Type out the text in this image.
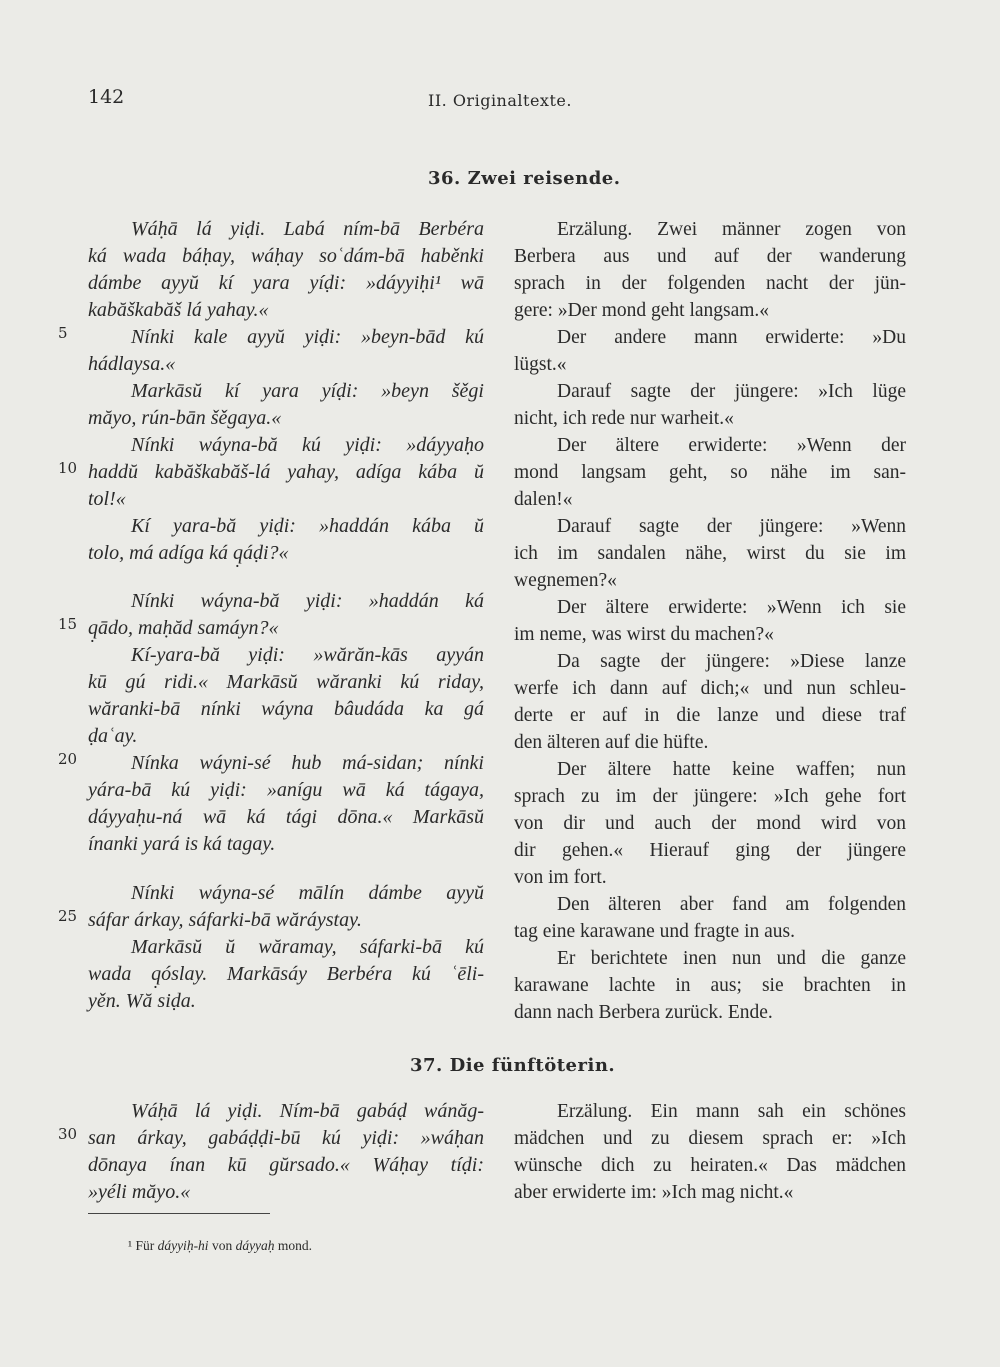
142	II. Originaltexte.
36. Zwei reisende.
Wáḥā lá yiḍi. Labá ním-bā Berbéra
ká wada báḥay, wáḥay soʿdám-bā haběnki
dámbe ayyŭ kí yara yíḍi: »dáyyiḥi¹ wā
kabăškabăš lá yahay.«
Nínki kale ayyŭ yiḍi: »beyn-bād kú
hádlaysa.«
Markāsŭ kí yara yíḍi: »beyn šěgi
măyo, rún-bān šěgaya.«
Nínki wáyna-bă kú yiḍi: »dáyyaḥo
haddŭ kabăškabăš-lá yahay, adíga kába ŭ
tol!«
Kí yara-bă yiḍi: »haddán kába ŭ
tolo, má adíga ká q̣áḍi?«
Nínki wáyna-bă yiḍi: »haddán ká
q̣ādo, maḥăd samáyn?«
Kí-yara-bă yiḍi: »wărăn-kās ayyán
kū gú ridi.« Markāsŭ wăranki kú riday,
wăranki-bā nínki wáyna bâudáda ka gá
ḍaʿay.
Nínka wáyni-sé hub má-sidan; nínki
yára-bā kú yiḍi: »anígu wā ká tágaya,
dáyyaḥu-ná wā ká tági dōna.« Markāsŭ
ínanki yará is ká tagay.
Nínki wáyna-sé mālín dámbe ayyŭ
sáfar árkay, sáfarki-bā wăráystay.
Markāsŭ ŭ wăramay, sáfarki-bā kú
wada q̣óslay. Markāsáy Berbéra kú ʿēli-
yěn. Wă siḍa.
Erzälung. Zwei männer zogen von
Berbera aus und auf der wanderung
sprach in der folgenden nacht der jün-
gere: »Der mond geht langsam.«
Der andere mann erwiderte: »Du
lügst.«
Darauf sagte der jüngere: »Ich lüge
nicht, ich rede nur warheit.«
Der ältere erwiderte: »Wenn der
mond langsam geht, so nähe im san-
dalen!«
Darauf sagte der jüngere: »Wenn
ich im sandalen nähe, wirst du sie im
wegnemen?«
Der ältere erwiderte: »Wenn ich sie
im neme, was wirst du machen?«
Da sagte der jüngere: »Diese lanze
werfe ich dann auf dich;« und nun schleu-
derte er auf in die lanze und diese traf
den älteren auf die hüfte.
Der ältere hatte keine waffen; nun
sprach zu im der jüngere: »Ich gehe fort
von dir und auch der mond wird von
dir gehen.« Hierauf ging der jüngere
von im fort.
Den älteren aber fand am folgenden
tag eine karawane und fragte in aus.
Er berichtete inen nun und die ganze
karawane lachte in aus; sie brachten in
dann nach Berbera zurück. Ende.
5
10
15
20
25
30
37. Die fünftöterin.
Wáḥā lá yiḍi. Ním-bā gabáḍ wánăg-
san árkay, gabáḍḍi-bū kú yiḍi: »wáḥan
dōnaya ínan kū gŭrsado.« Wáḥay tíḍi:
»yéli măyo.«
Erzälung. Ein mann sah ein schönes
mädchen und zu diesem sprach er: »Ich
wünsche dich zu heiraten.« Das mädchen
aber erwiderte im: »Ich mag nicht.«
¹ Für dáyyiḥ-hi von dáyyaḥ mond.
